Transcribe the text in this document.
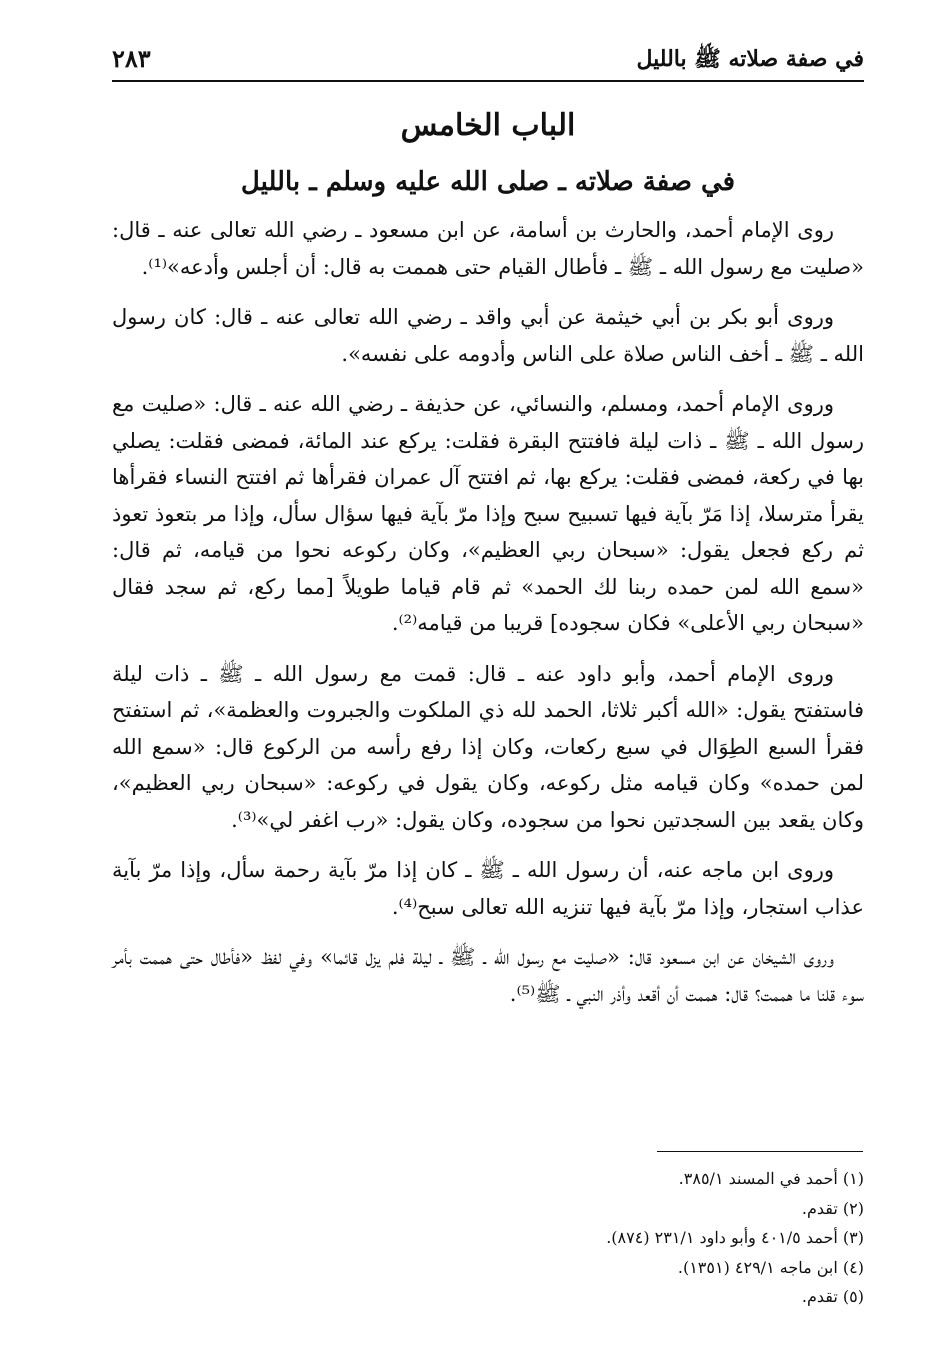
في صفة صلاته ﷺ بالليل
٢٨٣
الباب الخامس
في صفة صلاته ـ صلى الله عليه وسلم ـ بالليل

روى الإمام أحمد، والحارث بن أسامة، عن ابن مسعود ـ رضي الله تعالى عنه ـ قال: «صليت مع رسول الله ـ ﷺ ـ فأطال القيام حتى هممت به قال: أن أجلس وأدعه»⁽¹⁾.

وروى أبو بكر بن أبي خيثمة عن أبي واقد ـ رضي الله تعالى عنه ـ قال: كان رسول الله ـ ﷺ ـ أخف الناس صلاة على الناس وأدومه على نفسه».

وروى الإمام أحمد، ومسلم، والنسائي، عن حذيفة ـ رضي الله عنه ـ قال: «صليت مع رسول الله ـ ﷺ ـ ذات ليلة فافتتح البقرة فقلت: يركع عند المائة، فمضى فقلت: يصلي بها في ركعة، فمضى فقلت: يركع بها، ثم افتتح آل عمران فقرأها ثم افتتح النساء فقرأها يقرأ مترسلا، إذا مَرّ بآية فيها تسبيح سبح وإذا مرّ بآية فيها سؤال سأل، وإذا مر بتعوذ تعوذ ثم ركع فجعل يقول: «سبحان ربي العظيم»، وكان ركوعه نحوا من قيامه، ثم قال: «سمع الله لمن حمده ربنا لك الحمد» ثم قام قياما طويلاً [مما ركع، ثم سجد فقال «سبحان ربي الأعلى» فكان سجوده] قريبا من قيامه⁽²⁾.

وروى الإمام أحمد، وأبو داود عنه ـ قال: قمت مع رسول الله ـ ﷺ ـ ذات ليلة فاستفتح يقول: «الله أكبر ثلاثا، الحمد لله ذي الملكوت والجبروت والعظمة»، ثم استفتح فقرأ السبع الطِوَال في سبع ركعات، وكان إذا رفع رأسه من الركوع قال: «سمع الله لمن حمده» وكان قيامه مثل ركوعه، وكان يقول في ركوعه: «سبحان ربي العظيم»، وكان يقعد بين السجدتين نحوا من سجوده، وكان يقول: «رب اغفر لي»⁽³⁾.

وروى ابن ماجه عنه، أن رسول الله ـ ﷺ ـ كان إذا مرّ بآية رحمة سأل، وإذا مرّ بآية عذاب استجار، وإذا مرّ بآية فيها تنزيه الله تعالى سبح⁽⁴⁾.

وروى الشيخان عن ابن مسعود قال: «صليت مع رسول الله ـ ﷺ ـ ليلة فلم يزل قائما» وفي لفظ «فأطال حتى هممت بأمر سوء قلنا ما هممت؟ قال: هممت أن أقعد وأذر النبي ـ ﷺ⁽⁵⁾.

(١) أحمد في المسند ٣٨٥/١.
(٢) تقدم.
(٣) أحمد ٤٠١/٥ وأبو داود ٢٣١/١ (٨٧٤).
(٤) ابن ماجه ٤٢٩/١ (١٣٥١).
(٥) تقدم.
